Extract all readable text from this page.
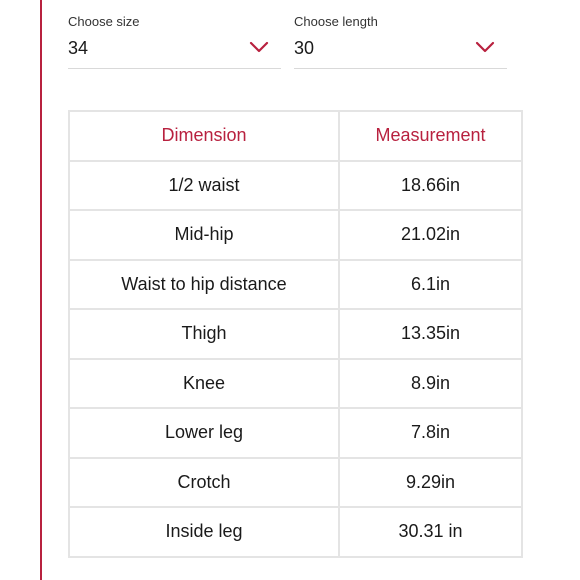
Choose size
34
Choose length
30
Dimension	Measurement
1/2 waist	18.66in
Mid-hip	21.02in
Waist to hip distance	6.1in
Thigh	13.35in
Knee	8.9in
Lower leg	7.8in
Crotch	9.29in
Inside leg	30.31 in
